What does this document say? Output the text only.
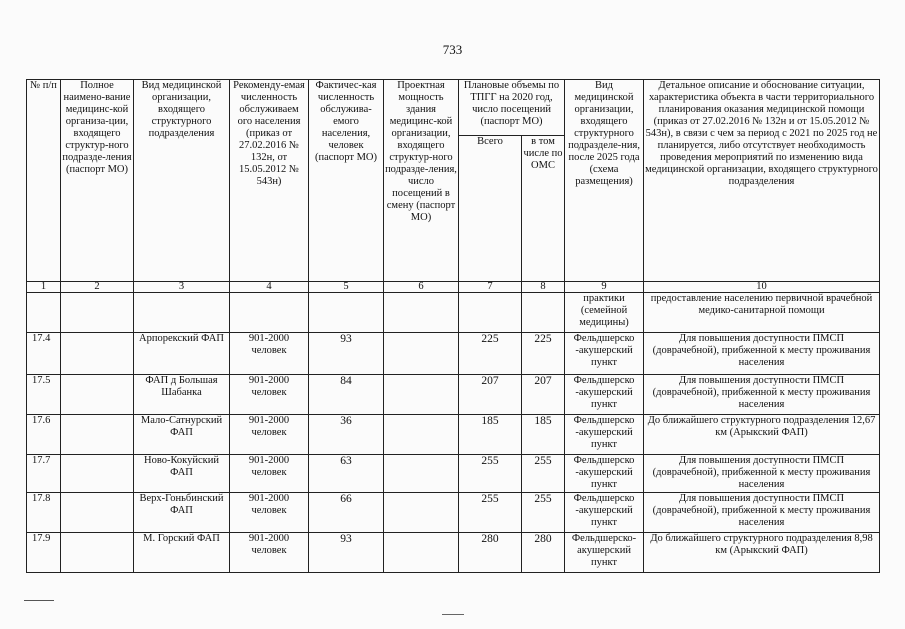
733
№ п/п	Полное наимено-вание медицинс-кой организа-ции, входящего структур-ного подразде-ления (паспорт МО)	Вид медицинской организации, входящего структурного подразделения	Рекоменду-емая численность обслуживаем ого населения (приказ от 27.02.2016 № 132н, от 15.05.2012 № 543н)	Фактичес-кая численность обслужива-емого населения, человек (паспорт МО)	Проектная мощность здания медицинс-кой организации, входящего структур-ного подразде-ления, число посещений в смену (паспорт МО)	Плановые объемы по ТПГГ на 2020 год, число посещений (паспорт МО)		Вид медицинской организации, входящего структурного подразделе-ния, после 2025 года (схема размещения)	Детальное описание и обоснование ситуации, характеристика объекта в части территориального планирования оказания медицинской помощи (приказ от 27.02.2016 № 132н и от 15.05.2012 № 543н), в связи с чем за период с 2021 по 2025 год не планируется, либо отсутствует необходимость проведения мероприятий по изменению вида медицинской организации, входящего структурного подразделения
						Всего	в том числе по ОМС		
1	2	3	4	5	6	7	8	9	10
								практики (семейной медицины)	предоставление населению первичной врачебной медико-санитарной помощи
17.4		Арпорекский ФАП	901-2000 человек	93		225	225	Фельдшерско -акушерский пункт	Для повышения доступности ПМСП (доврачебной), прибженной к месту проживания населения
17.5		ФАП д Большая Шабанка	901-2000 человек	84		207	207	Фельдшерско -акушерский пункт	Для повышения доступности ПМСП (доврачебной), прибженной к месту проживания населения
17.6		Мало-Сатнурский ФАП	901-2000 человек	36		185	185	Фельдшерско -акушерский пункт	До ближайшего структурного подразделения 12,67 км (Арыкский ФАП)
17.7		Ново-Кокуйский ФАП	901-2000 человек	63		255	255	Фельдшерско -акушерский пункт	Для повышения доступности ПМСП (доврачебной), прибженной к месту проживания населения
17.8		Верх-Гоньбинский ФАП	901-2000 человек	66		255	255	Фельдшерско -акушерский пункт	Для повышения доступности ПМСП (доврачебной), прибженной к месту проживания населения
17.9		М. Горский ФАП	901-2000 человек	93		280	280	Фельдшерско-акушерский пункт	До ближайшего структурного подразделения 8,98 км (Арыкский ФАП)
